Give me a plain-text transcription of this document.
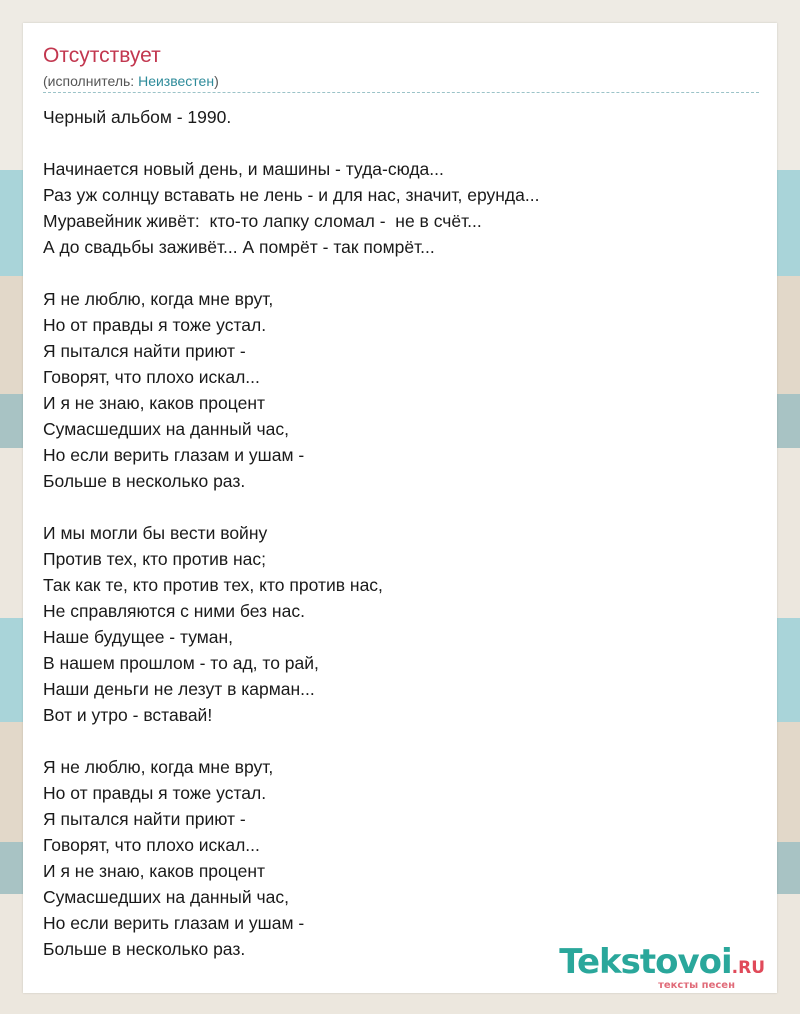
Отсутствует
(исполнитель: Неизвестен)
Черный альбом - 1990.
Начинается новый день, и машины - туда-сюда...
Раз уж солнцу вставать не лень - и для нас, значит, ерунда...
Муравейник живёт:  кто-то лапку сломал -  не в счёт...
А до свадьбы заживёт... А помрёт - так помрёт...
Я не люблю, когда мне врут,
Но от правды я тоже устал.
Я пытался найти приют -
Говорят, что плохо искал...
И я не знаю, каков процент
Сумасшедших на данный час,
Но если верить глазам и ушам -
Больше в несколько раз.
И мы могли бы вести войну
Против тех, кто против нас;
Так как те, кто против тех, кто против нас,
Не справляются с ними без нас.
Наше будущее - туман,
В нашем прошлом - то ад, то рай,
Наши деньги не лезут в карман...
Вот и утро - вставай!
Я не люблю, когда мне врут,
Но от правды я тоже устал.
Я пытался найти приют -
Говорят, что плохо искал...
И я не знаю, каков процент
Сумасшедших на данный час,
Но если верить глазам и ушам -
Больше в несколько раз.	Tekstovoi.RU
тексты песен
